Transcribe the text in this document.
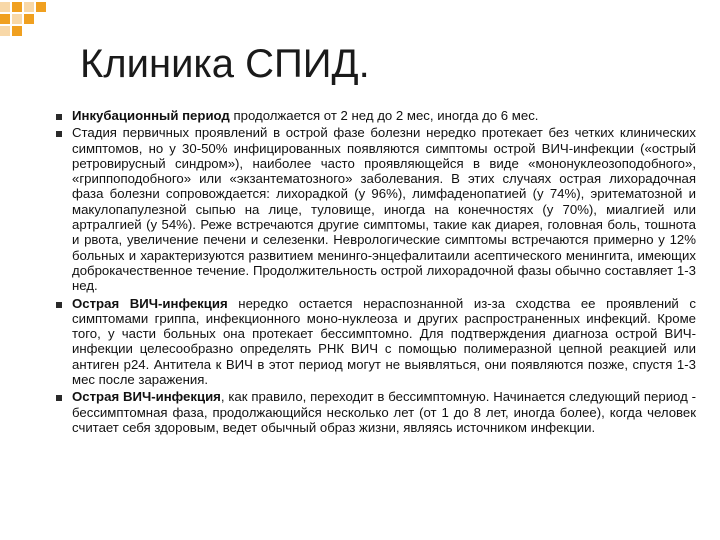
Клиника СПИД.
Инкубационный период продолжается от 2 нед до 2 мес, иногда до 6 мес.
Стадия первичных проявлений в острой фазе болезни нередко протекает без четких клинических симптомов, но у 30-50% инфицированных появляются симптомы острой ВИЧ-инфекции («острый ретровирусный синдром»), наиболее часто проявляющейся в виде «мононуклеозоподобного», «гриппоподобного» или «экзантематозного» заболевания. В этих случаях острая лихорадочная фаза болезни сопровождается: лихорадкой (у 96%), лимфаденопатией (у 74%), эритематозной и макулопапулезной сыпью на лице, туловище, иногда на конечностях (у 70%), миалгией или артралгией (у 54%). Реже встречаются другие симптомы, такие как диарея, головная боль, тошнота и рвота, увеличение печени и селезенки. Неврологические симптомы встречаются примерно у 12% больных и характеризуются развитием менинго-энцефалитаили асептического менингита, имеющих доброкачественное течение. Продолжительность острой лихорадочной фазы обычно составляет 1-3 нед.
Острая ВИЧ-инфекция нередко остается нераспознанной из-за сходства ее проявлений с симптомами гриппа, инфекционного моно-нуклеоза и других распространенных инфекций. Кроме того, у части больных она протекает бессимптомно. Для подтверждения диагноза острой ВИЧ-инфекции целесообразно определять РНК ВИЧ с помощью полимеразной цепной реакцией или антиген p24. Антитела к ВИЧ в этот период могут не выявляться, они появляются позже, спустя 1-3 мес после заражения.
Острая ВИЧ-инфекция, как правило, переходит в бессимптомную. Начинается следующий период - бессимптомная фаза, продолжающийся несколько лет (от 1 до 8 лет, иногда более), когда человек считает себя здоровым, ведет обычный образ жизни, являясь источником инфекции.
